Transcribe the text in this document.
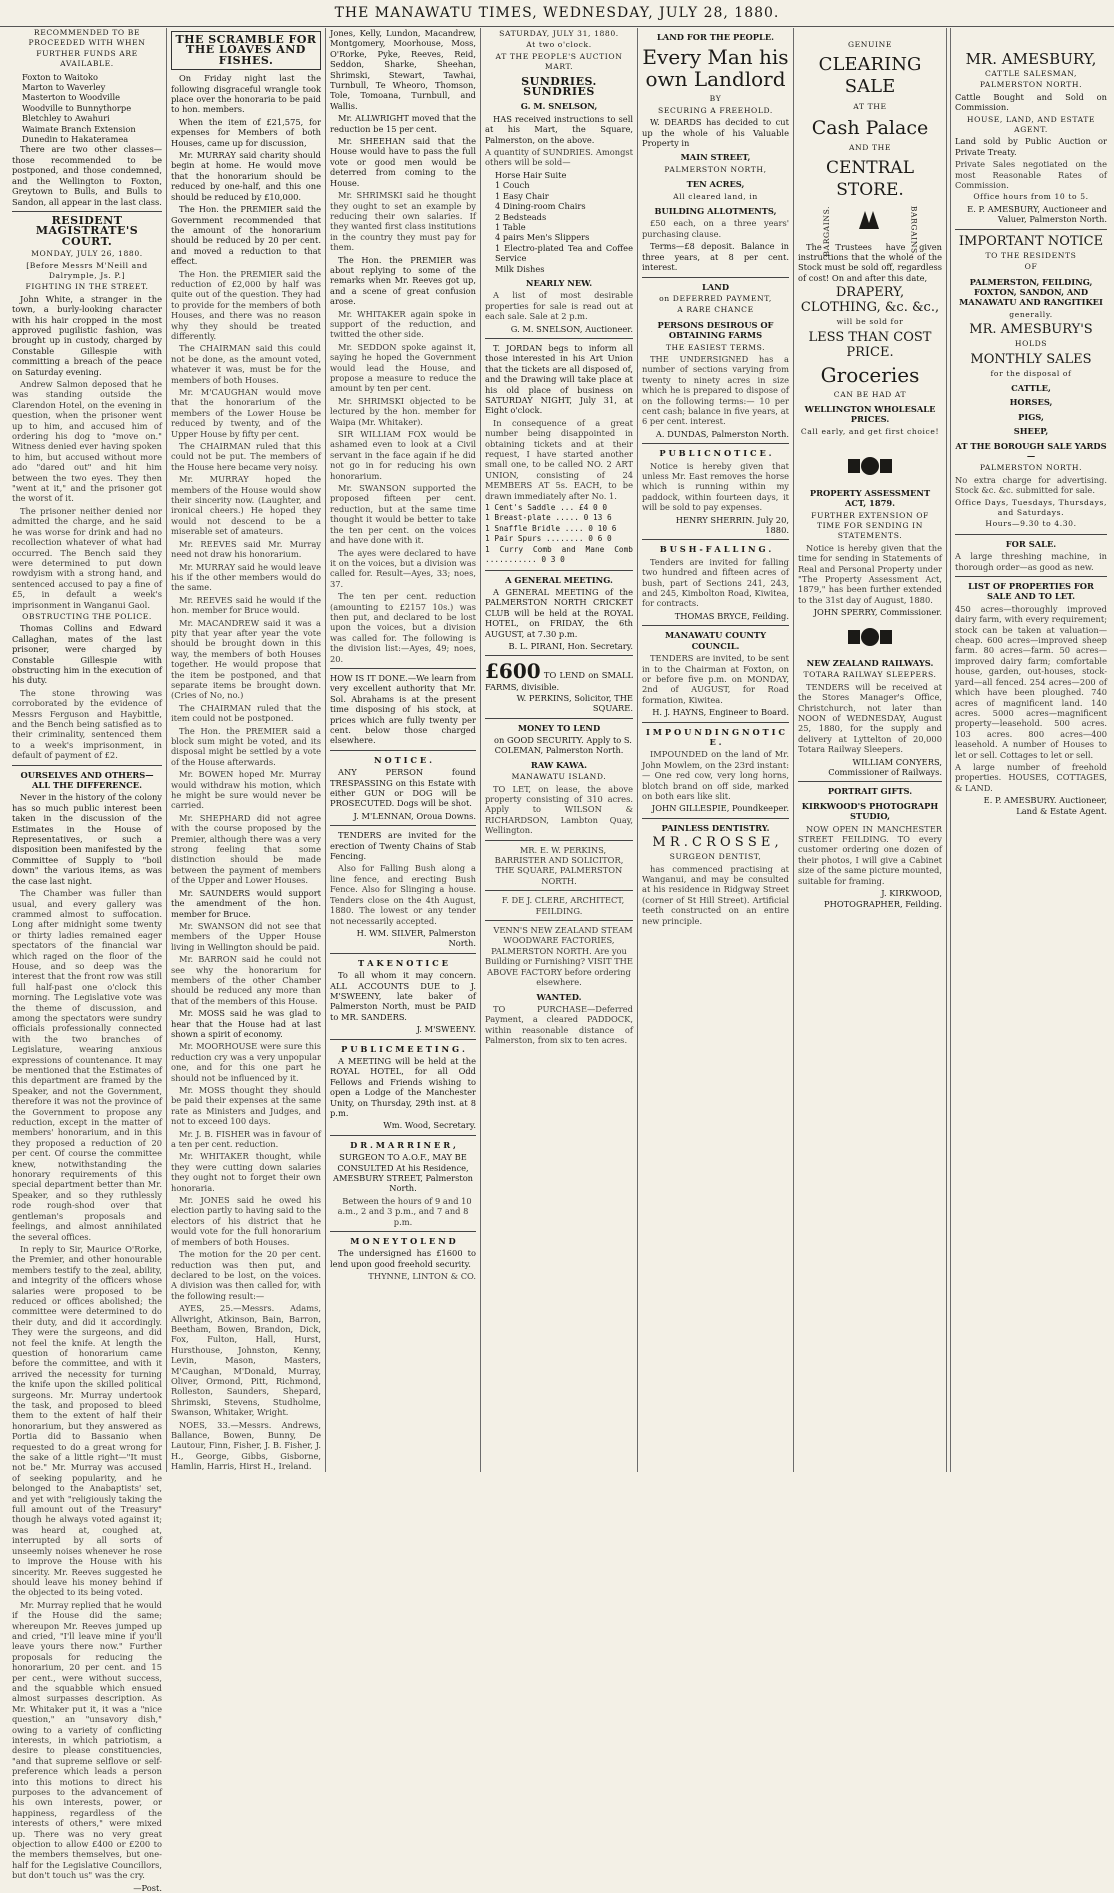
THE MANAWATU TIMES, WEDNESDAY, JULY 28, 1880.

RECOMMENDED TO BE PROCEEDED WITH WHEN FURTHER FUNDS ARE AVAILABLE.

Foxton to Waitoko
Marton to Waverley
Masterton to Woodville
Woodville to Bunnythorpe
Bletchley to Awahuri
Waimate Branch Extension
Dunedin to Hakateramea

There are two other classes—those recommended to be postponed, and those condemned, and the Wellington to Foxton, Greytown to Bulls, and Bulls to Sandon, all appear in the last class.

RESIDENT MAGISTRATE'S COURT.
MONDAY, JULY 26, 1880.
[Before Messrs M'Neill and Dalrymple, Js. P.]
FIGHTING IN THE STREET.

John White, a stranger in the town, a burly-looking character with his hair cropped in the most approved pugilistic fashion, was brought up in custody, charged by Constable Gillespie with committing a breach of the peace on Saturday evening.

Andrew Salmon deposed that he was standing outside the Clarendon Hotel, on the evening in question, when the prisoner went up to him, and accused him of ordering his dog to "move on." Witness denied ever having spoken to him, but accused without more ado "dared out" and hit him between the two eyes. They then "went at it," and the prisoner got the worst of it.

The prisoner neither denied nor admitted the charge, and he said he was worse for drink and had no recollection whatever of what had occurred. The Bench said they were determined to put down rowdyism with a strong hand, and sentenced accused to pay a fine of £5, in default a week's imprisonment in Wanganui Gaol.

OBSTRUCTING THE POLICE.

Thomas Collins and Edward Callaghan, mates of the last prisoner, were charged by Constable Gillespie with obstructing him in the execution of his duty.

The stone throwing was corroborated by the evidence of Messrs Ferguson and Haybittle, and the Bench being satisfied as to their criminality, sentenced them to a week's imprisonment, in default of payment of £2.

OURSELVES AND OTHERS—ALL THE DIFFERENCE.

Never in the history of the colony has so much public interest been taken in the discussion of the Estimates in the House of Representatives, or such a disposition been manifested by the Committee of Supply to "boil down" the various items, as was the case last night.

The Chamber was fuller than usual, and every gallery was crammed almost to suffocation. Long after midnight some twenty or thirty ladies remained eager spectators of the financial war which raged on the floor of the House, and so deep was the interest that the front row was still full half-past one o'clock this morning. The Legislative vote was the theme of discussion, and among the spectators were sundry officials professionally connected with the two branches of Legislature, wearing anxious expressions of countenance. It may be mentioned that the Estimates of this department are framed by the Speaker, and not the Government, therefore it was not the province of the Government to propose any reduction, except in the matter of members' honorarium, and in this they proposed a reduction of 20 per cent. Of course the committee knew, notwithstanding the honorary requirements of this special department better than Mr. Speaker, and so they ruthlessly rode rough-shod over that gentleman's proposals and feelings, and almost annihilated the several offices.

In reply to Sir, Maurice O'Rorke, the Premier, and other honourable members testify to the zeal, ability, and integrity of the officers whose salaries were proposed to be reduced or offices abolished; the committee were determined to do their duty, and did it accordingly. They were the surgeons, and did not feel the knife. At length the question of honorarium came before the committee, and with it arrived the necessity for turning the knife upon the skilled political surgeons. Mr. Murray undertook the task, and proposed to bleed them to the extent of half their honorarium, but they answered as Portia did to Bassanio when requested to do a great wrong for the sake of a little right—"It must not be." Mr. Murray was accused of seeking popularity, and he belonged to the Anabaptists' set, and yet with "religiously taking the full amount out of the Treasury" though he always voted against it; was heard at, coughed at, interrupted by all sorts of unseemly noises whenever he rose to improve the House with his sincerity. Mr. Reeves suggested he should leave his money behind if the objected to its being voted.

Mr. Murray replied that he would if the House did the same; whereupon Mr. Reeves jumped up and cried, "I'll leave mine if you'll leave yours there now." Further proposals for reducing the honorarium, 20 per cent. and 15 per cent., were without success, and the squabble which ensued almost surpasses description. As Mr. Whitaker put it, it was a "nice question," an "unsavory dish," owing to a variety of conflicting interests, in which patriotism, a desire to please constituencies, "and that supreme selflove or self-preference which leads a person into this motions to direct his purposes to the advancement of his own interests, power, or happiness, regardless of the interests of others," were mixed up. There was no very great objection to allow £400 or £200 to the members themselves, but one-half for the Legislative Councillors, but don't touch us" was the cry.

—Post.

THE SCRAMBLE FOR THE LOAVES AND FISHES.

On Friday night last the following disgraceful wrangle took place over the honoraria to be paid to hon. members.

When the item of £21,575, for expenses for Members of both Houses, came up for discussion,

Mr. MURRAY said charity should begin at home. He would move that the honorarium should be reduced by one-half, and this one should be reduced by £10,000.

The Hon. the PREMIER said the Government recommended that the amount of the honorarium should be reduced by 20 per cent. and moved a reduction to that effect.

The Hon. the PREMIER said the reduction of £2,000 by half was quite out of the question. They had to provide for the members of both Houses, and there was no reason why they should be treated differently.

The CHAIRMAN said this could not be done, as the amount voted, whatever it was, must be for the members of both Houses.

Mr. M'CAUGHAN would move that the honorarium of the members of the Lower House be reduced by twenty, and of the Upper House by fifty per cent.

The CHAIRMAN ruled that this could not be put. The members of the House here became very noisy.

Mr. MURRAY hoped the members of the House would show their sincerity now. (Laughter, and ironical cheers.) He hoped they would not descend to be a miserable set of amateurs.

Mr. REEVES said Mr. Murray need not draw his honorarium.

Mr. MURRAY said he would leave his if the other members would do the same.

Mr. REEVES said he would if the hon. member for Bruce would.

Mr. MACANDREW said it was a pity that year after year the vote should be brought down in this way, the members of both Houses together. He would propose that the item be postponed, and that separate items be brought down. (Cries of No, no.)

The CHAIRMAN ruled that the item could not be postponed.

The Hon. the PREMIER said a block sum might be voted, and its disposal might be settled by a vote of the House afterwards.

Mr. BOWEN hoped Mr. Murray would withdraw his motion, which he might be sure would never be carried.

Mr. SHEPHARD did not agree with the course proposed by the Premier, although there was a very strong feeling that some distinction should be made between the payment of members of the Upper and Lower Houses.

Mr. SAUNDERS would support the amendment of the hon. member for Bruce.

Mr. SWANSON did not see that members of the Upper House living in Wellington should be paid.

Mr. BARRON said he could not see why the honorarium for members of the other Chamber should be reduced any more than that of the members of this House.

Mr. MOSS said he was glad to hear that the House had at last shown a spirit of economy.

Mr. MOORHOUSE were sure this reduction cry was a very unpopular one, and for this one part he should not be influenced by it.

Mr. MOSS thought they should be paid their expenses at the same rate as Ministers and Judges, and not to exceed 100 days.

Mr. J. B. FISHER was in favour of a ten per cent. reduction.

Mr. WHITAKER thought, while they were cutting down salaries they ought not to forget their own honoraria.

Mr. JONES said he owed his election partly to having said to the electors of his district that he would vote for the full honorarium of members of both Houses.

The motion for the 20 per cent. reduction was then put, and declared to be lost, on the voices. A division was then called for, with the following result:—

AYES, 25.—Messrs. Adams, Allwright, Atkinson, Bain, Barron, Beetham, Bowen, Brandon, Dick, Fox, Fulton, Hall, Hurst, Hursthouse, Johnston, Kenny, Levin, Mason, Masters, M'Caughan, M'Donald, Murray, Oliver, Ormond, Pitt, Richmond, Rolleston, Saunders, Shepard, Shrimski, Stevens, Studholme, Swanson, Whitaker, Wright.

NOES, 33.—Messrs. Andrews, Ballance, Bowen, Bunny, De Lautour, Finn, Fisher, J. B. Fisher, J. H., George, Gibbs, Gisborne, Hamlin, Harris, Hirst H., Ireland.

Jones, Kelly, Lundon, Macandrew, Montgomery, Moorhouse, Moss, O'Rorke, Pyke, Reeves, Reid, Seddon, Sharke, Sheehan, Shrimski, Stewart, Tawhai, Turnbull, Te Wheoro, Thomson, Tole, Tomoana, Turnbull, and Wallis.

Mr. ALLWRIGHT moved that the reduction be 15 per cent.

Mr. SHEEHAN said that the House would have to pass the full vote or good men would be deterred from coming to the House.

Mr. SHRIMSKI said he thought they ought to set an example by reducing their own salaries. If they wanted first class institutions in the country they must pay for them.

The Hon. the PREMIER was about replying to some of the remarks when Mr. Reeves got up, and a scene of great confusion arose.

Mr. WHITAKER again spoke in support of the reduction, and twitted the other side.

Mr. SEDDON spoke against it, saying he hoped the Government would lead the House, and propose a measure to reduce the amount by ten per cent.

Mr. SHRIMSKI objected to be lectured by the hon. member for Waipa (Mr. Whitaker).

SIR WILLIAM FOX would be ashamed even to look at a Civil servant in the face again if he did not go in for reducing his own honorarium.

Mr. SWANSON supported the proposed fifteen per cent. reduction, but at the same time thought it would be better to take the ten per cent. on the voices and have done with it.

The ayes were declared to have it on the voices, but a division was called for. Result—Ayes, 33; noes, 37.

The ten per cent. reduction (amounting to £2157 10s.) was then put, and declared to be lost upon the voices, but a division was called for. The following is the division list:—Ayes, 49; noes, 20.

HOW IS IT DONE.—We learn from very excellent authority that Mr. Sol. Abrahams is at the present time disposing of his stock, at prices which are fully twenty per cent. below those charged elsewhere.

N O T I C E .

ANY PERSON found TRESPASSING on this Estate with either GUN or DOG will be PROSECUTED. Dogs will be shot.

J. M'LENNAN, Oroua Downs.

TENDERS are invited for the erection of Twenty Chains of Stab Fencing.

Also for Falling Bush along a line fence, and erecting Bush Fence. Also for Slinging a house. Tenders close on the 4th August, 1880. The lowest or any tender not necessarily accepted.

H. WM. SILVER, Palmerston North.

T A K E N O T I C E

To all whom it may concern. ALL ACCOUNTS DUE to J. M'SWEENY, late baker of Palmerston North, must be PAID to MR. SANDERS.

J. M'SWEENY.

P U B L I C M E E T I N G .

A MEETING will be held at the ROYAL HOTEL, for all Odd Fellows and Friends wishing to open a Lodge of the Manchester Unity, on Thursday, 29th inst. at 8 p.m.

Wm. Wood, Secretary.

D R . M A R R I N E R ,

SURGEON TO A.O.F., MAY BE CONSULTED At his Residence, AMESBURY STREET, Palmerston North.

Between the hours of 9 and 10 a.m., 2 and 3 p.m., and 7 and 8 p.m.

M O N E Y T O L E N D

The undersigned has £1600 to lend upon good freehold security.

THYNNE, LINTON & CO.

SATURDAY, JULY 31, 1880.
At two o'clock.
AT THE PEOPLE'S AUCTION MART.
SUNDRIES. SUNDRIES
G. M. SNELSON,

HAS received instructions to sell at his Mart, the Square, Palmerston, on the above.

A quantity of SUNDRIES. Amongst others will be sold—

Horse Hair Suite
1 Couch
1 Easy Chair
4 Dining-room Chairs
2 Bedsteads
1 Table
4 pairs Men's Slippers
1 Electro-plated Tea and Coffee Service
Milk Dishes
NEARLY NEW.

A list of most desirable properties for sale is read out at each sale. Sale at 2 p.m.

G. M. SNELSON, Auctioneer.

T. JORDAN begs to inform all those interested in his Art Union that the tickets are all disposed of, and the Drawing will take place at his old place of business on SATURDAY NIGHT, July 31, at Eight o'clock.

In consequence of a great number being disappointed in obtaining tickets and at their request, I have started another small one, to be called NO. 2 ART UNION, consisting of 24 MEMBERS AT 5s. EACH, to be drawn immediately after No. 1.

1 Cent's Saddle ... £4 0 0
1 Breast-plate ..... 0 13 6
1 Snaffle Bridle .... 0 10 6
1 Pair Spurs ........ 0 6 0
1 Curry Comb and Mane Comb ........... 0 3 0
A GENERAL MEETING.

A GENERAL MEETING of the PALMERSTON NORTH CRICKET CLUB will be held at the ROYAL HOTEL, on FRIDAY, the 6th AUGUST, at 7.30 p.m.

B. L. PIRANI, Hon. Secretary.

£600 TO LEND on SMALL FARMS, divisible.

W. PERKINS, Solicitor, THE SQUARE.

MONEY TO LEND

on GOOD SECURITY. Apply to S. COLEMAN, Palmerston North.

RAW KAWA.
MANAWATU ISLAND.

TO LET, on lease, the above property consisting of 310 acres. Apply to WILSON & RICHARDSON, Lambton Quay, Wellington.

MR. E. W. PERKINS, BARRISTER AND SOLICITOR, THE SQUARE, PALMERSTON NORTH.

F. DE J. CLERE, ARCHITECT, FEILDING.

VENN'S NEW ZEALAND STEAM WOODWARE FACTORIES, PALMERSTON NORTH. Are you Building or Furnishing? VISIT THE ABOVE FACTORY before ordering elsewhere.

WANTED.

TO PURCHASE—Deferred Payment, a cleared PADDOCK, within reasonable distance of Palmerston, from six to ten acres.

LAND FOR THE PEOPLE.
Every Man his own Landlord
BY
SECURING A FREEHOLD.

W. DEARDS has decided to cut up the whole of his Valuable Property in

MAIN STREET,
PALMERSTON NORTH,
TEN ACRES,
All cleared land, in
BUILDING ALLOTMENTS,

£50 each, on a three years' purchasing clause.

Terms—£8 deposit. Balance in three years, at 8 per cent. interest.

LAND
on DEFERRED PAYMENT,
A RARE CHANCE
PERSONS DESIROUS OF OBTAINING FARMS
THE EASIEST TERMS.

THE UNDERSIGNED has a number of sections varying from twenty to ninety acres in size which he is prepared to dispose of on the following terms:— 10 per cent cash; balance in five years, at 6 per cent. interest.

A. DUNDAS, Palmerston North.

P U B L I C N O T I C E .

Notice is hereby given that unless Mr. East removes the horse which is running within my paddock, within fourteen days, it will be sold to pay expenses.

HENRY SHERRIN. July 20, 1880.

B U S H - F A L L I N G .

Tenders are invited for falling two hundred and fifteen acres of bush, part of Sections 241, 243, and 245, Kimbolton Road, Kiwitea, for contracts.

THOMAS BRYCE, Feilding.

MANAWATU COUNTY COUNCIL.

TENDERS are invited, to be sent in to the Chairman at Foxton, on or before five p.m. on MONDAY, 2nd of AUGUST, for Road formation, Kiwitea.

H. J. HAYNS, Engineer to Board.

I M P O U N D I N G N O T I C E .

IMPOUNDED on the land of Mr. John Mowlem, on the 23rd instant:— One red cow, very long horns, blotch brand on off side, marked on both ears like slit.

JOHN GILLESPIE, Poundkeeper.

PAINLESS DENTISTRY.
M R . C R O S S E ,
SURGEON DENTIST,

has commenced practising at Wanganui, and may be consulted at his residence in Ridgway Street (corner of St Hill Street). Artificial teeth constructed on an entire new principle.

GENUINE
CLEARING SALE
AT THE
Cash Palace
AND THE
CENTRAL STORE.
BARGAINS.	BARGAINS.

The Trustees have given instructions that the whole of the Stock must be sold off, regardless of cost! On and after this date,

DRAPERY, CLOTHING, &c. &c.,
will be sold for
LESS THAN COST PRICE.
Groceries
CAN BE HAD AT
WELLINGTON WHOLESALE PRICES.
Call early, and get first choice!
PROPERTY ASSESSMENT ACT, 1879.
FURTHER EXTENSION OF TIME FOR SENDING IN STATEMENTS.

Notice is hereby given that the time for sending in Statements of Real and Personal Property under "The Property Assessment Act, 1879," has been further extended to the 31st day of August, 1880.

JOHN SPERRY, Commissioner.

NEW ZEALAND RAILWAYS.
TOTARA RAILWAY SLEEPERS.

TENDERS will be received at the Stores Manager's Office, Christchurch, not later than NOON of WEDNESDAY, August 25, 1880, for the supply and delivery at Lyttelton of 20,000 Totara Railway Sleepers.

WILLIAM CONYERS, Commissioner of Railways.

PORTRAIT GIFTS.
KIRKWOOD'S PHOTOGRAPH STUDIO,

NOW OPEN IN MANCHESTER STREET FEILDING. TO every customer ordering one dozen of their photos, I will give a Cabinet size of the same picture mounted, suitable for framing.

J. KIRKWOOD, PHOTOGRAPHER, Feilding.

MR. AMESBURY,
CATTLE SALESMAN,
PALMERSTON NORTH.

Cattle Bought and Sold on Commission.

HOUSE, LAND, AND ESTATE AGENT.

Land sold by Public Auction or Private Treaty.

Private Sales negotiated on the most Reasonable Rates of Commission.

Office hours from 10 to 5.

E. P. AMESBURY, Auctioneer and Valuer, Palmerston North.

IMPORTANT NOTICE
TO THE RESIDENTS
OF
PALMERSTON, FEILDING, FOXTON, SANDON, AND MANAWATU AND RANGITIKEI
generally.
MR. AMESBURY'S
HOLDS
MONTHLY SALES
for the disposal of
CATTLE,
HORSES,
PIGS,
SHEEP,
AT THE BOROUGH SALE YARDS—
PALMERSTON NORTH.

No extra charge for advertising. Stock &c. &c. submitted for sale.

Office Days, Tuesdays, Thursdays, and Saturdays.
Hours—9.30 to 4.30.
FOR SALE.

A large threshing machine, in thorough order—as good as new.

LIST OF PROPERTIES FOR SALE AND TO LET.

450 acres—thoroughly improved dairy farm, with every requirement; stock can be taken at valuation—cheap. 600 acres—improved sheep farm. 80 acres—farm. 50 acres—improved dairy farm; comfortable house, garden, out-houses, stock-yard—all fenced. 254 acres—200 of which have been ploughed. 740 acres of magnificent land. 140 acres. 5000 acres—magnificent property—leasehold. 500 acres. 103 acres. 800 acres—400 leasehold. A number of Houses to let or sell. Cottages to let or sell.

A large number of freehold properties. HOUSES, COTTAGES, & LAND.

E. P. AMESBURY. Auctioneer, Land & Estate Agent.
